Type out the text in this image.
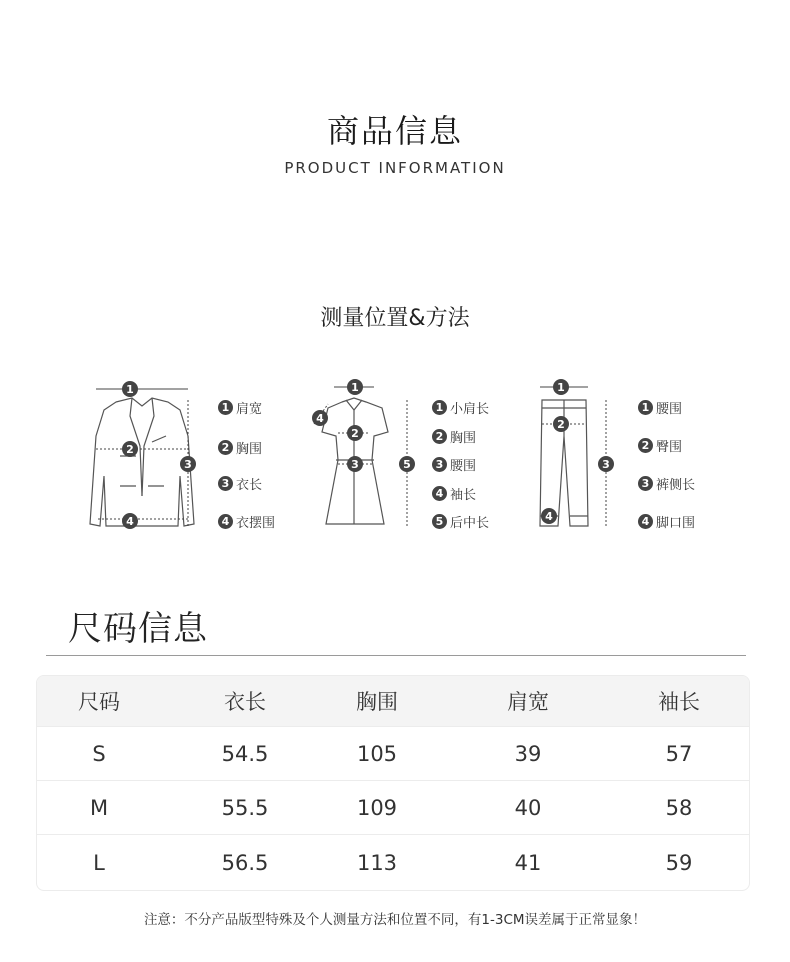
商品信息
PRODUCT INFORMATION
测量位置&方法
1
2
4
3
1 肩宽
2 胸围
3 衣长
4 衣摆围
1
2
3
4
5
1 小肩长
2 胸围
3 腰围
4 袖长
5 后中长
1
2
4
3
1 腰围
2 臀围
3 裤侧长
4 脚口围
尺码信息
尺码	衣长	胸围	肩宽	袖长
S	54.5	105	39	57
M	55.5	109	40	58
L	56.5	113	41	59
注意：不分产品版型特殊及个人测量方法和位置不同，有1-3CM误差属于正常显象！
